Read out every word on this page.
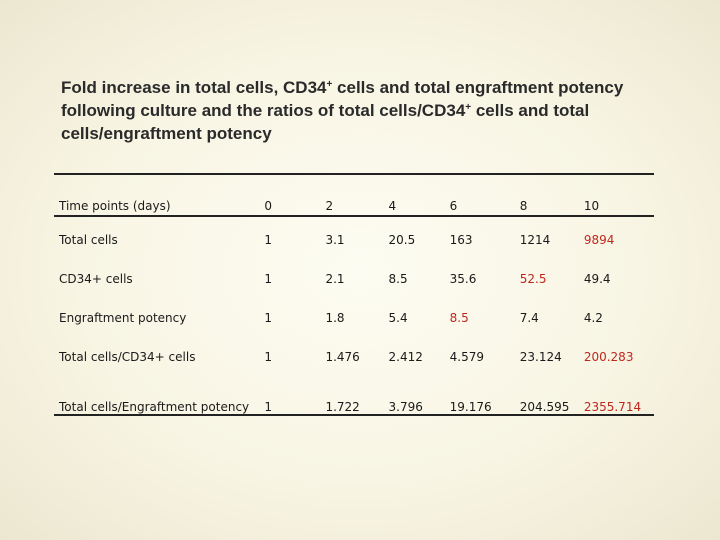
Fold increase in total cells, CD34+ cells and total engraftment potency following culture and the ratios of total cells/CD34+ cells and total cells/engraftment potency
Time points (days)	0	2	4	6	8	10
Total cells	1	3.1	20.5	163	1214	9894
CD34+ cells	1	2.1	8.5	35.6	52.5	49.4
Engraftment potency	1	1.8	5.4	8.5	7.4	4.2
Total cells/CD34+ cells	1	1.476	2.412	4.579	23.124	200.283
Total cells/Engraftment potency	1	1.722	3.796	19.176	204.595	2355.714
